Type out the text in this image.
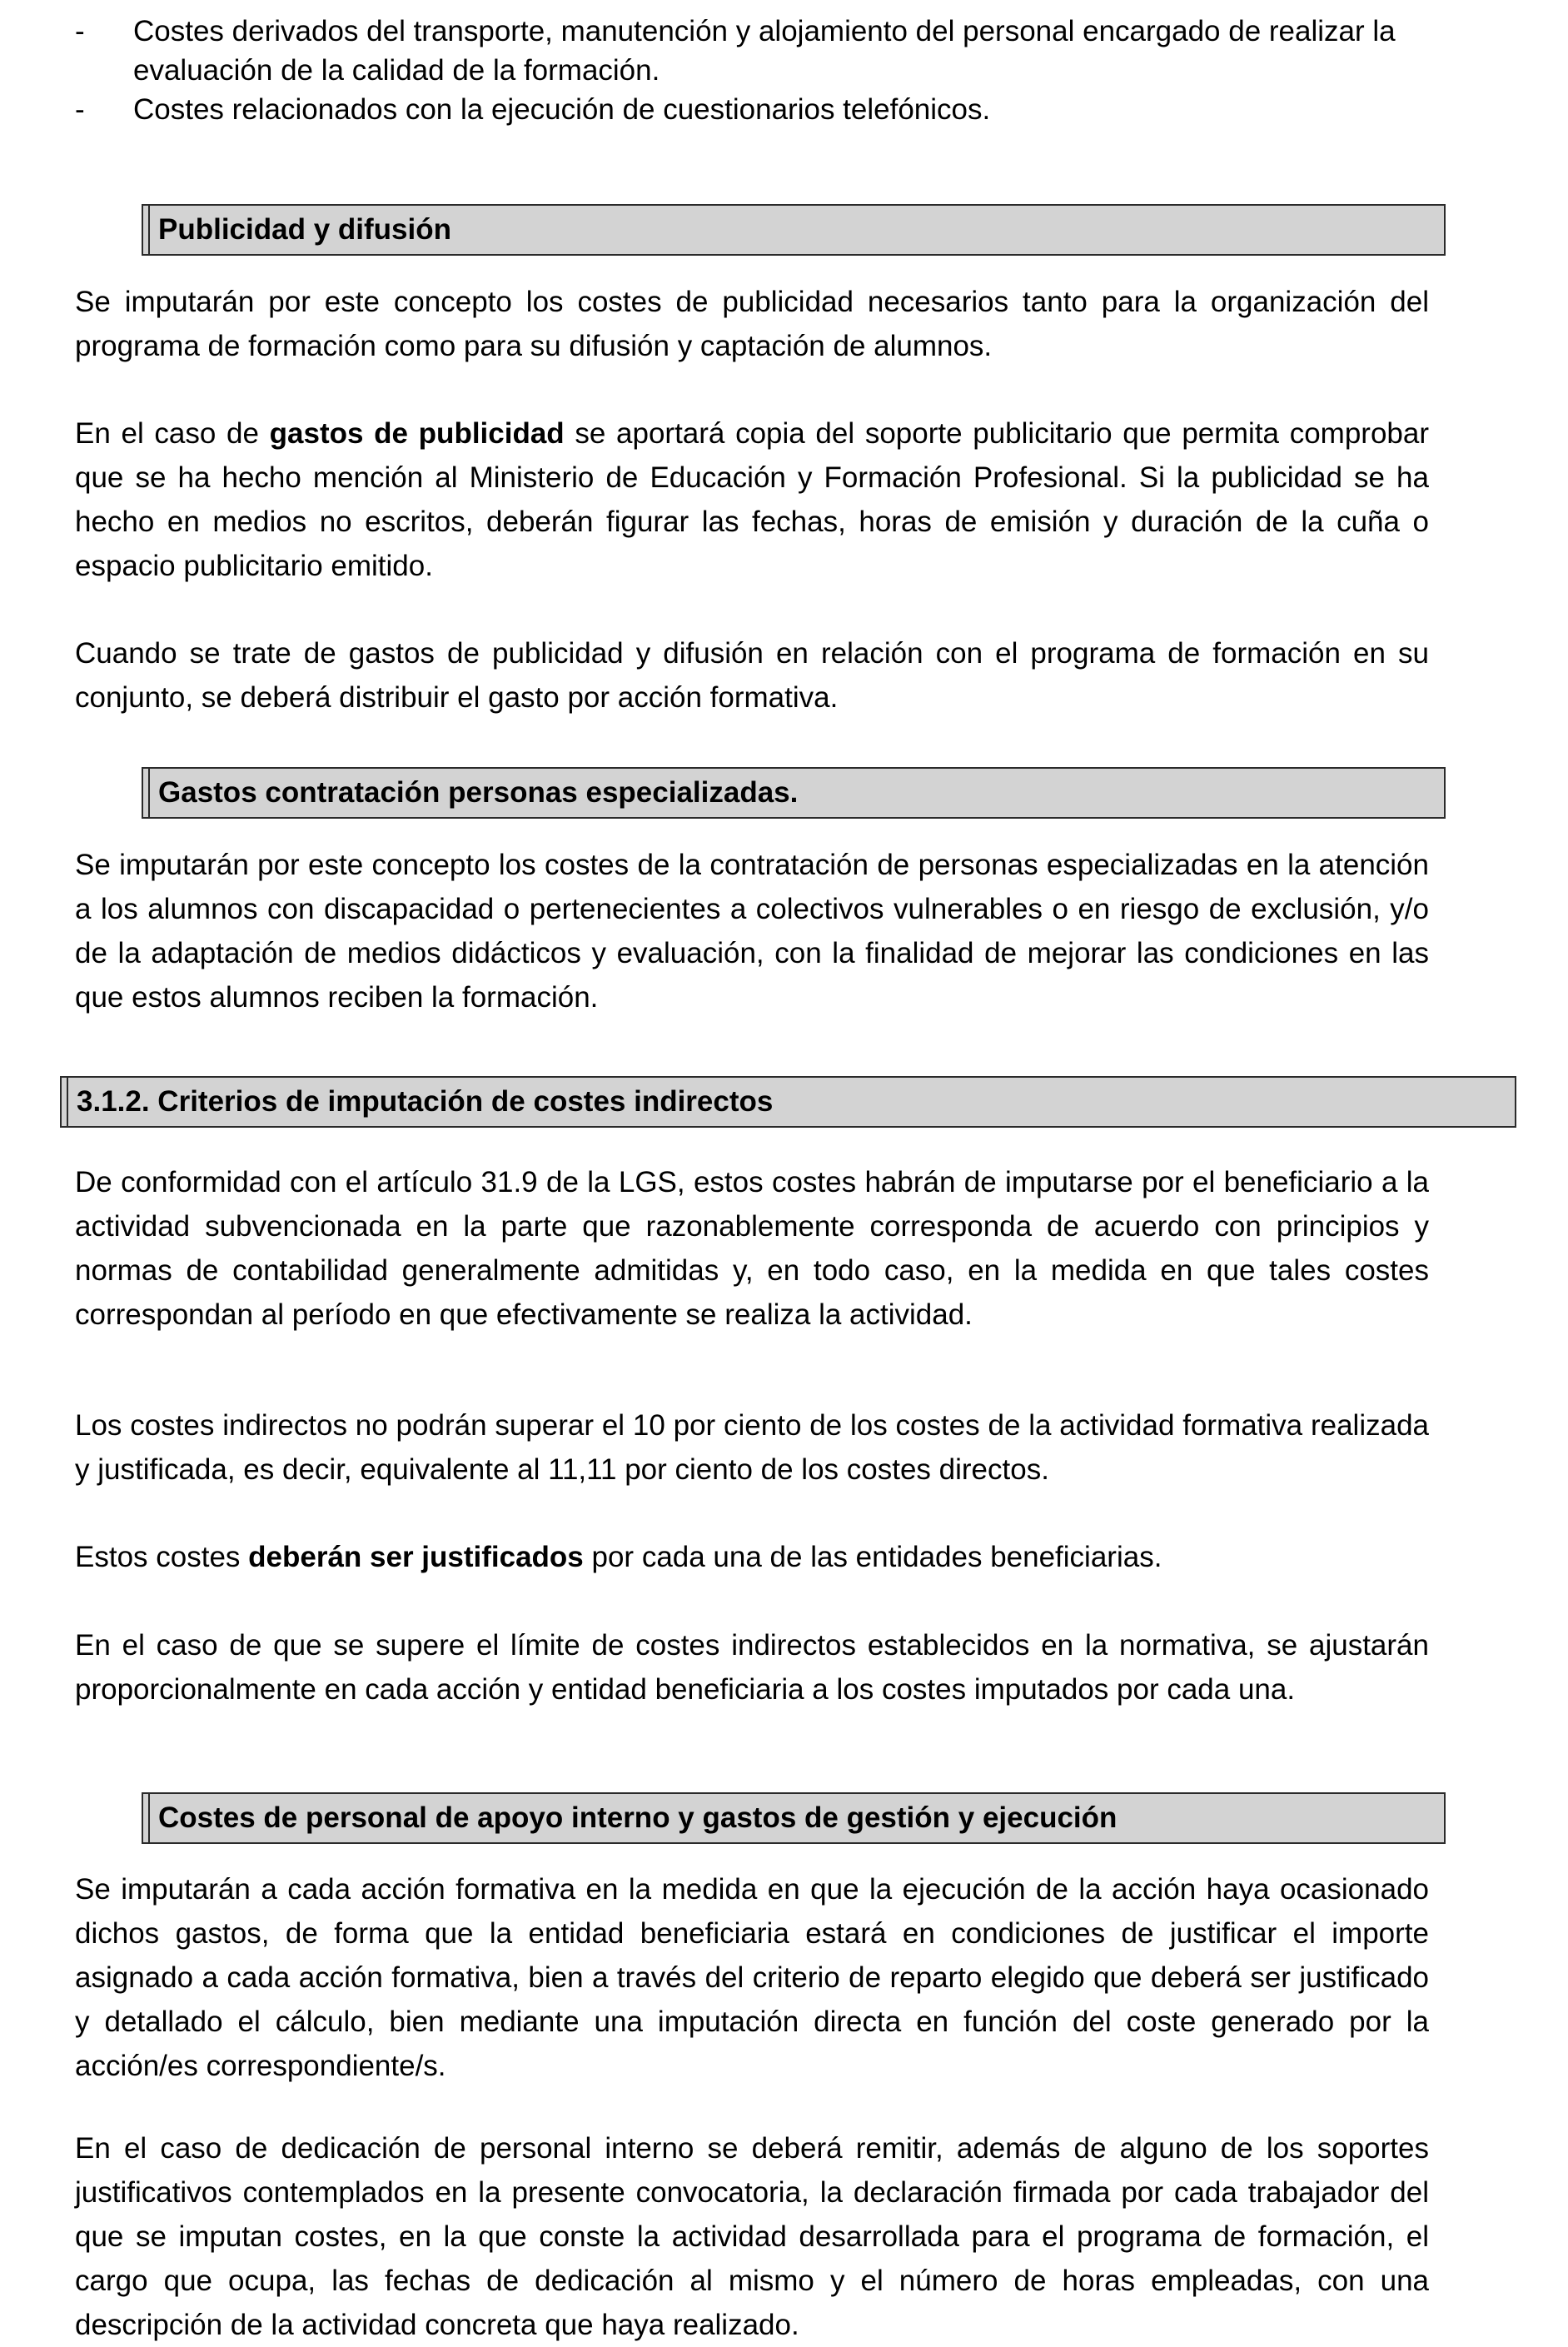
- Costes derivados del transporte, manutención y alojamiento del personal encargado de realizar la evaluación de la calidad de la formación.
- Costes relacionados con la ejecución de cuestionarios telefónicos.
Publicidad y difusión

Se imputarán por este concepto los costes de publicidad necesarios tanto para la organización del programa de formación como para su difusión y captación de alumnos.

En el caso de gastos de publicidad se aportará copia del soporte publicitario que permita comprobar que se ha hecho mención al Ministerio de Educación y Formación Profesional. Si la publicidad se ha hecho en medios no escritos, deberán figurar las fechas, horas de emisión y duración de la cuña o espacio publicitario emitido.

Cuando se trate de gastos de publicidad y difusión en relación con el programa de formación en su conjunto, se deberá distribuir el gasto por acción formativa.

Gastos contratación personas especializadas.

Se imputarán por este concepto los costes de la contratación de personas especializadas en la atención a los alumnos con discapacidad o pertenecientes a colectivos vulnerables o en riesgo de exclusión, y/o de la adaptación de medios didácticos y evaluación, con la finalidad de mejorar las condiciones en las que estos alumnos reciben la formación.

3.1.2. Criterios de imputación de costes indirectos

De conformidad con el artículo 31.9 de la LGS, estos costes habrán de imputarse por el beneficiario a la actividad subvencionada en la parte que razonablemente corresponda de acuerdo con principios y normas de contabilidad generalmente admitidas y, en todo caso, en la medida en que tales costes correspondan al período en que efectivamente se realiza la actividad.

Los costes indirectos no podrán superar el 10 por ciento de los costes de la actividad formativa realizada y justificada, es decir, equivalente al 11,11 por ciento de los costes directos.

Estos costes deberán ser justificados por cada una de las entidades beneficiarias.

En el caso de que se supere el límite de costes indirectos establecidos en la normativa, se ajustarán proporcionalmente en cada acción y entidad beneficiaria a los costes imputados por cada una.

Costes de personal de apoyo interno y gastos de gestión y ejecución

Se imputarán a cada acción formativa en la medida en que la ejecución de la acción haya ocasionado dichos gastos, de forma que la entidad beneficiaria estará en condiciones de justificar el importe asignado a cada acción formativa, bien a través del criterio de reparto elegido que deberá ser justificado y detallado el cálculo, bien mediante una imputación directa en función del coste generado por la acción/es correspondiente/s.

En el caso de dedicación de personal interno se deberá remitir, además de alguno de los soportes justificativos contemplados en la presente convocatoria, la declaración firmada por cada trabajador del que se imputan costes, en la que conste la actividad desarrollada para el programa de formación, el cargo que ocupa, las fechas de dedicación al mismo y el número de horas empleadas, con una descripción de la actividad concreta que haya realizado.
